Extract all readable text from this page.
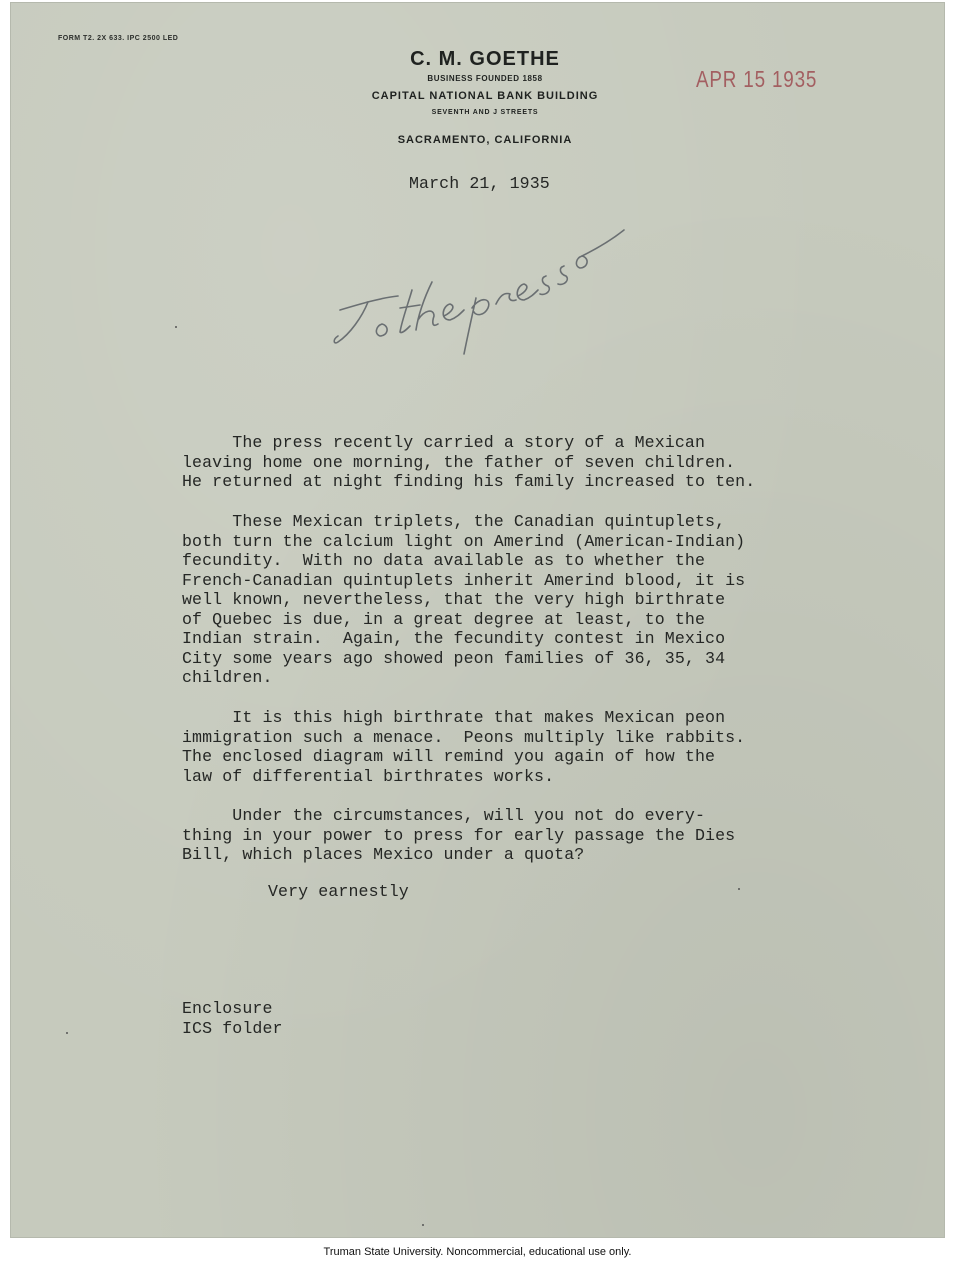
FORM T2. 2X 633. IPC 2500 LED
C. M. GOETHE
BUSINESS FOUNDED 1858
CAPITAL NATIONAL BANK BUILDING
SEVENTH AND J STREETS
SACRAMENTO, CALIFORNIA
APR 15 1935
March 21, 1935

The press recently carried a story of a Mexican
leaving home one morning, the father of seven children.
He returned at night finding his family increased to ten.

These Mexican triplets, the Canadian quintuplets,
both turn the calcium light on Amerind (American-Indian)
fecundity.  With no data available as to whether the
French-Canadian quintuplets inherit Amerind blood, it is
well known, nevertheless, that the very high birthrate
of Quebec is due, in a great degree at least, to the
Indian strain.  Again, the fecundity contest in Mexico
City some years ago showed peon families of 36, 35, 34
children.

It is this high birthrate that makes Mexican peon
immigration such a menace.  Peons multiply like rabbits.
The enclosed diagram will remind you again of how the
law of differential birthrates works.

Under the circumstances, will you not do every-
thing in your power to press for early passage the Dies
Bill, which places Mexico under a quota?

Very earnestly

Enclosure
ICS folder

Truman State University. Noncommercial, educational use only.
